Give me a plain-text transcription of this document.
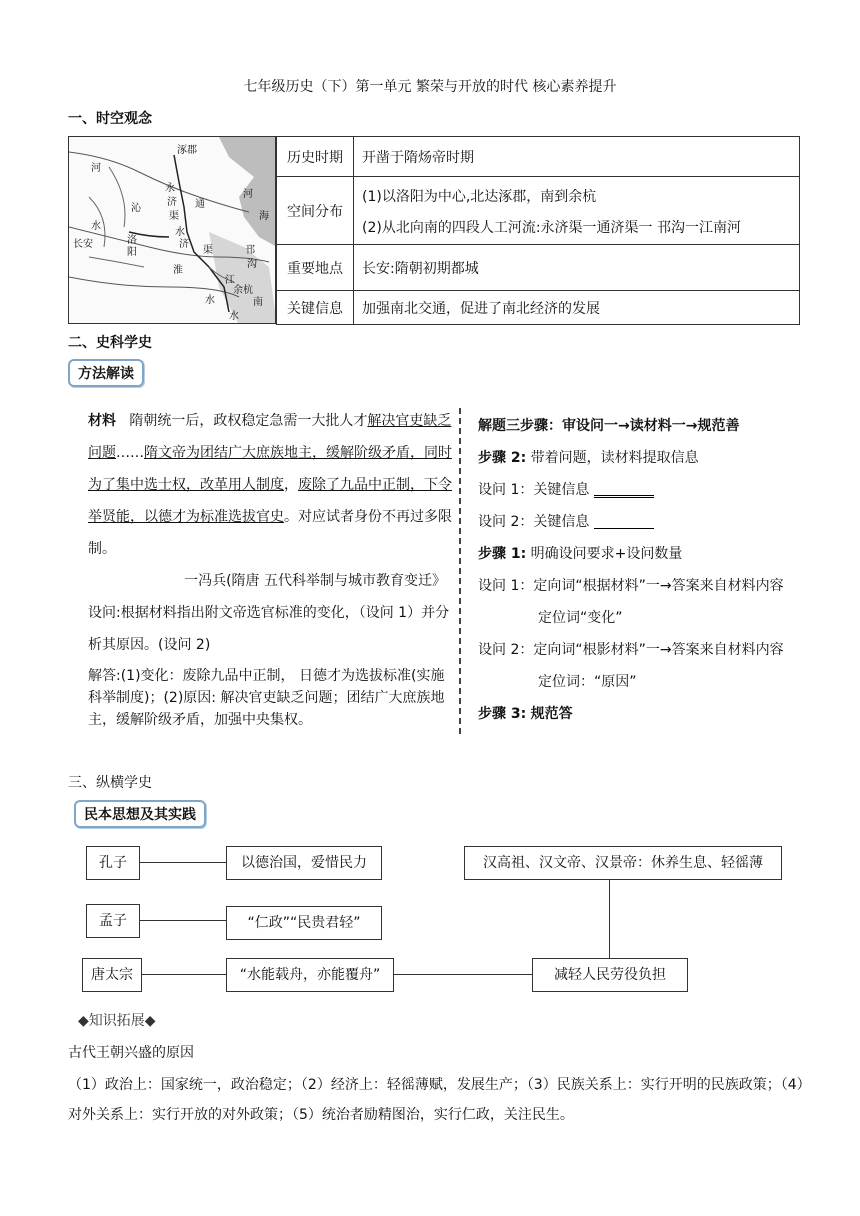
七年级历史（下）第一单元 繁荣与开放的时代 核心素养提升
一、时空观念
涿郡
河
永
济
渠
通
沁
水
洛
阳
长安	济
渠	邗
沟
淮
江
余杭
南
河
水
水
水
海
历史时期	开凿于隋炀帝时期
空间分布	(1)以洛阳为中心,北达涿郡，南到余杭
(2)从北向南的四段人工河流:永济渠一通济渠一 邗沟一江南河

重要地点	长安:隋朝初期都城
关键信息	加强南北交通，促进了南北经济的发展
二、史科学史
方法解读
材料 隋朝统一后，政权稳定急需一大批人才解决官吏缺乏问题……隋文帝为团结广大庶族地主，缓解阶级矛盾，同时为了集中选士权，改革用人制度，废除了九品中正制，下令举贤能，以德才为标准选拔官史。对应试者身份不再过多限制。
一冯兵(隋唐 五代科举制与城市教育变迁》
设问:根据材料指出附文帝选官标准的变化，（设问 1）并分析其原因。(设问 2)
解答:(1)变化：废除九品中正制， 日德才为选拔标准(实施科举制度)；(2)原因: 解决官吏缺乏问题；团结广大庶族地主，缓解阶级矛盾，加强中央集权。
解题三步骤：审设问一→读材料一→规范善
步骤 2: 带着问题，读材料提取信息
设问 1：关键信息
设问 2：关键信息
步骤 1: 明确设问要求+设问数量
设问 1：定向词“根据材料”一→答案来自材料内容
定位词“变化”
设问 2：定向词“根影材料”一→答案来自材料内容
定位词：“原因”
步骤 3: 规范答
三、纵横学史
民本思想及其实践
孔子	以德治国，爱惜民力
孟子	“仁政”“民贵君轻”
唐太宗	“水能载舟，亦能覆舟”
汉高祖、汉文帝、汉景帝：休养生息、轻徭薄
减轻人民劳役负担
◆知识拓展◆
古代王朝兴盛的原因
（1）政治上：国家统一，政治稳定；（2）经济上：轻徭薄赋，发展生产；（3）民族关系上：实行开明的民族政策；（4）对外关系上：实行开放的对外政策；（5）统治者励精图治，实行仁政，关注民生。
